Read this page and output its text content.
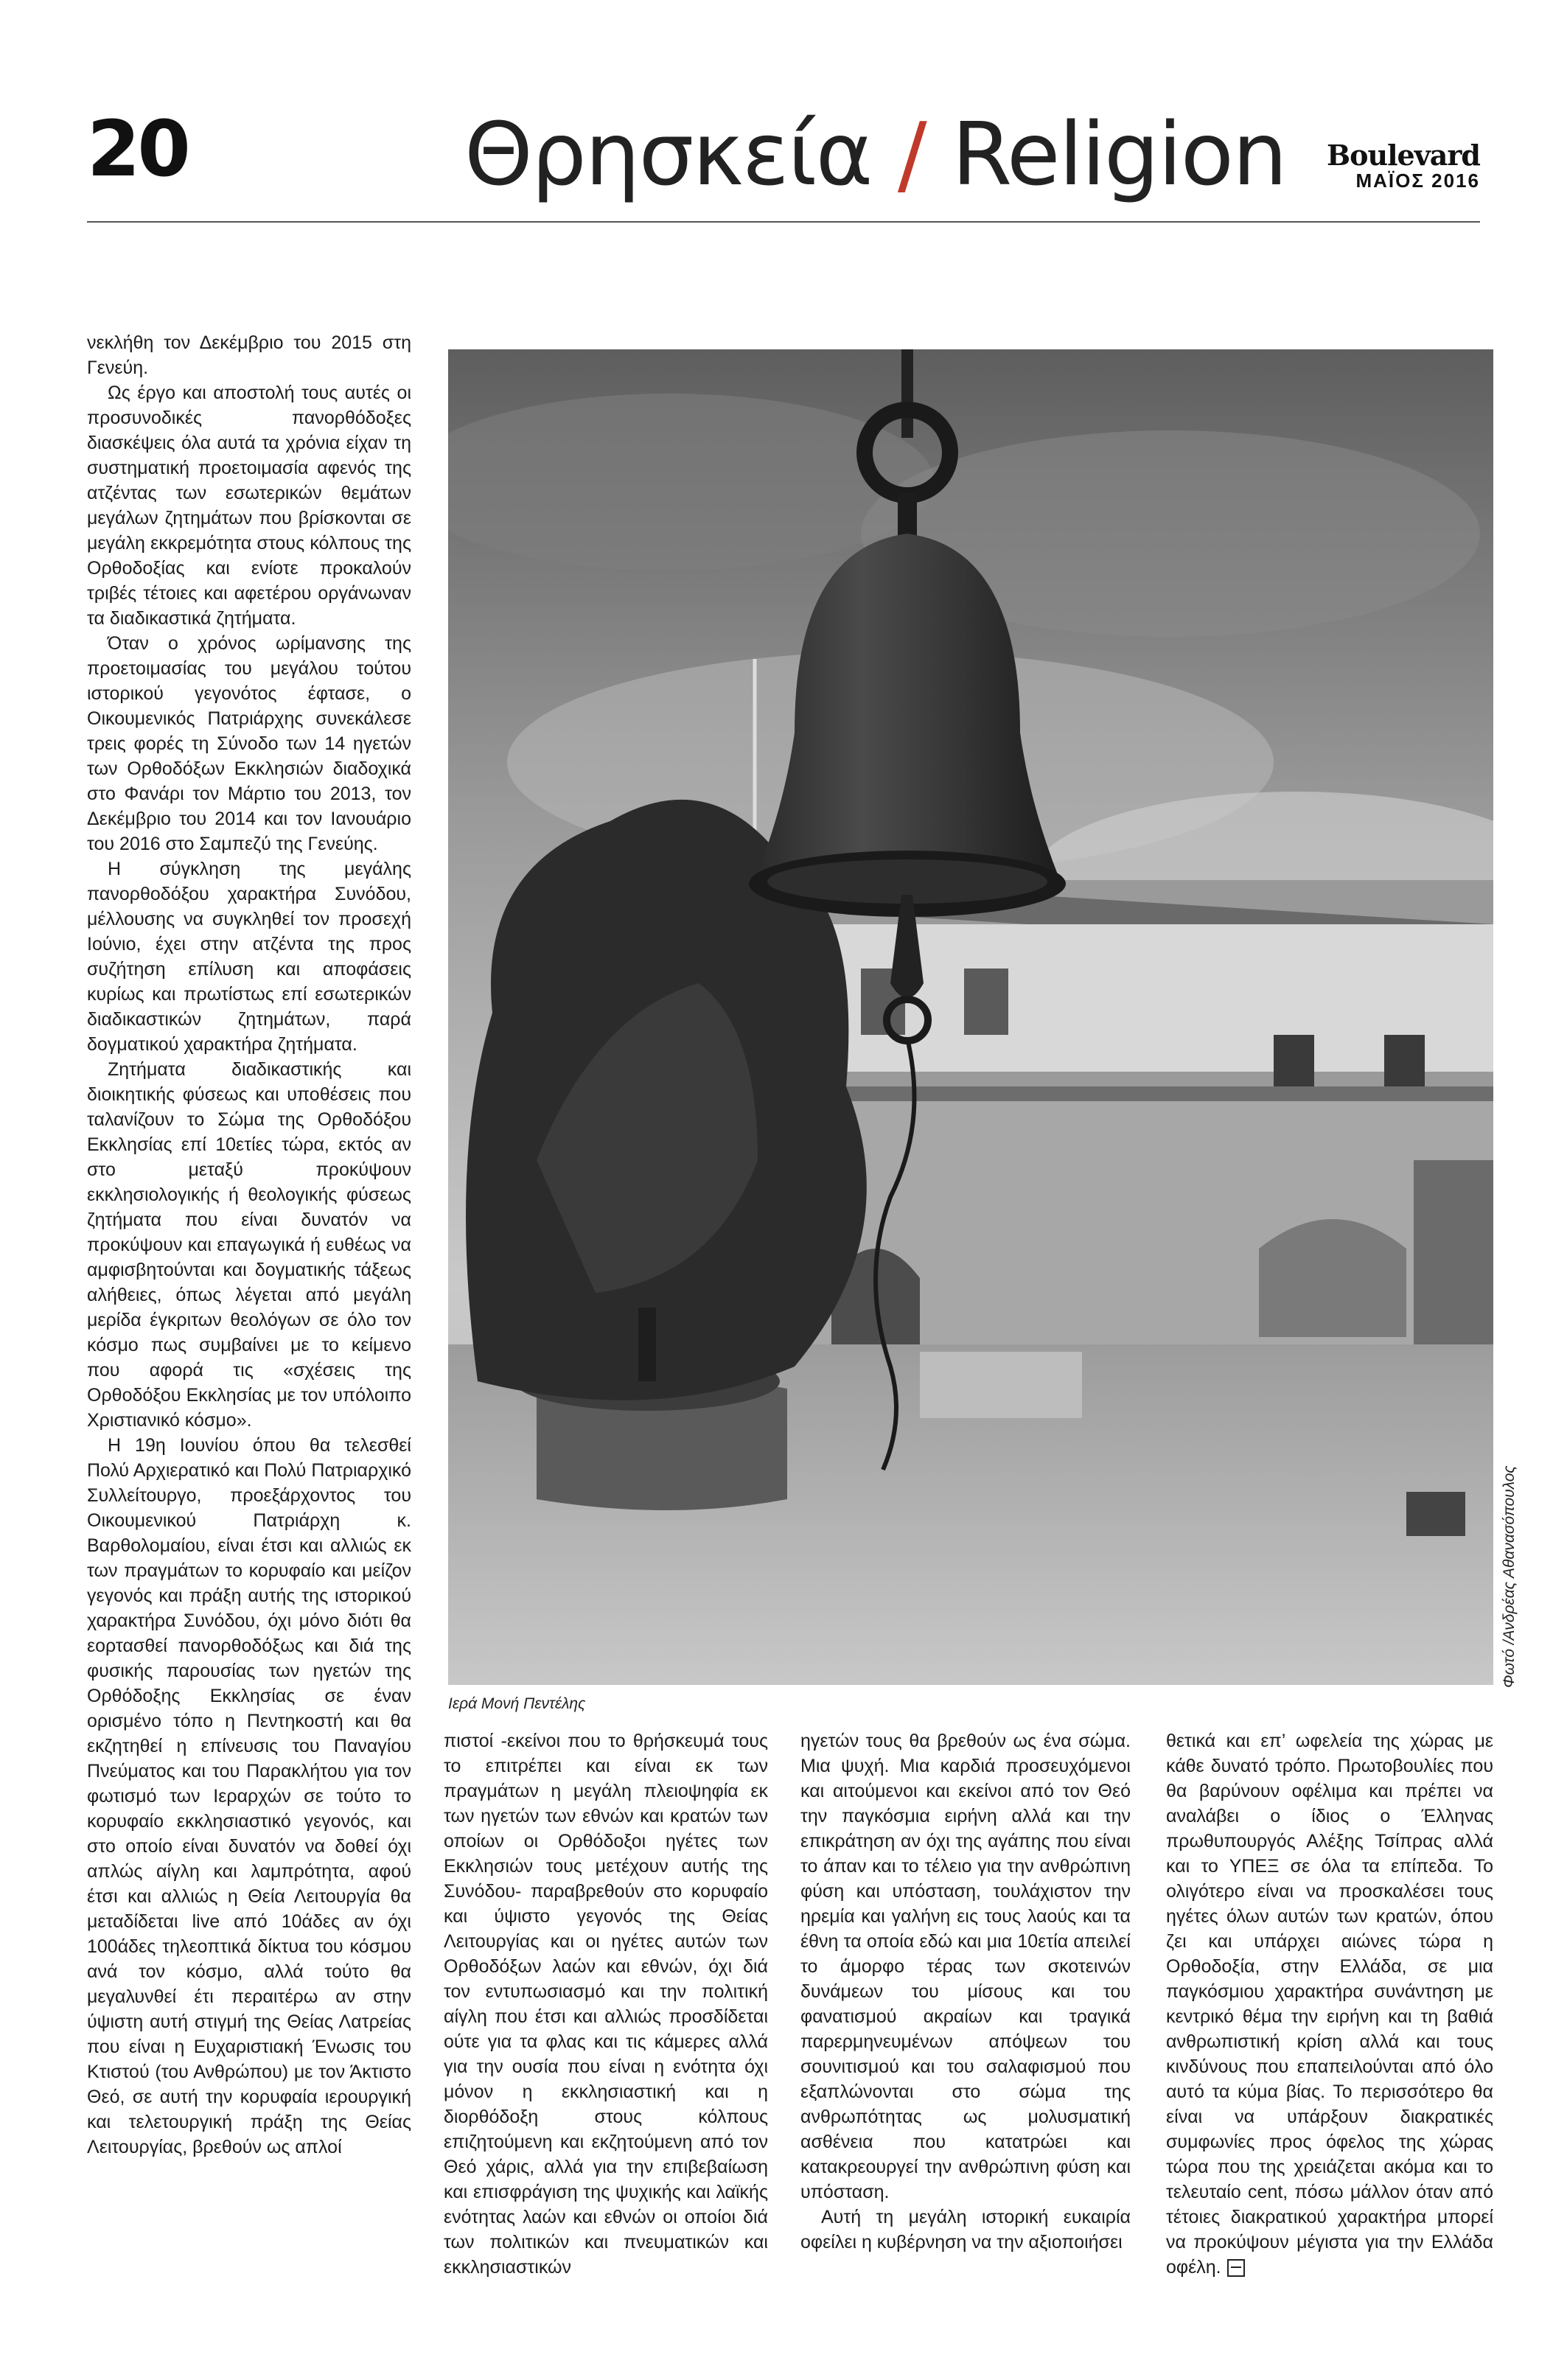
20	Θρησκεία / Religion Boulevard
ΜΑΪΟΣ 2016

νεκλήθη τον Δεκέμβριο του 2015 στη Γενεύη.

Ως έργο και αποστολή τους αυτές οι προσυνοδικές πανορθόδοξες διασκέψεις όλα αυτά τα χρόνια είχαν τη συστηματική προετοιμασία αφενός της ατζέντας των εσωτερικών θεμάτων μεγάλων ζητημάτων που βρίσκονται σε μεγάλη εκκρεμότητα στους κόλπους της Ορθοδοξίας και ενίοτε προκαλούν τριβές τέτοιες και αφετέρου οργάνωναν τα διαδικαστικά ζητήματα.

Όταν ο χρόνος ωρίμανσης της προετοιμασίας του μεγάλου τούτου ιστορικού γεγονότος έφτασε, ο Οικουμενικός Πατριάρχης συνεκάλεσε τρεις φορές τη Σύνοδο των 14 ηγετών των Ορθοδόξων Εκκλησιών διαδοχικά στο Φανάρι τον Μάρτιο του 2013, τον Δεκέμβριο του 2014 και τον Ιανουάριο του 2016 στο Σαμπεζύ της Γενεύης.

Η σύγκληση της μεγάλης πανορθοδόξου χαρακτήρα Συνόδου, μέλλουσης να συγκληθεί τον προσεχή Ιούνιο, έχει στην ατζέντα της προς συζήτηση επίλυση και αποφάσεις κυρίως και πρωτίστως επί εσωτερικών διαδικαστικών ζητημάτων, παρά δογματικού χαρακτήρα ζητήματα.

Ζητήματα διαδικαστικής και διοικητικής φύσεως και υποθέσεις που ταλανίζουν το Σώμα της Ορθοδόξου Εκκλησίας επί 10ετίες τώρα, εκτός αν στο μεταξύ προκύψουν εκκλησιολογικής ή θεολογικής φύσεως ζητήματα που είναι δυνατόν να προκύψουν και επαγωγικά ή ευθέως να αμφισβητούνται και δογματικής τάξεως αλήθειες, όπως λέγεται από μεγάλη μερίδα έγκριτων θεολόγων σε όλο τον κόσμο πως συμβαίνει με το κείμενο που αφορά τις «σχέσεις της Ορθοδόξου Εκκλησίας με τον υπόλοιπο Χριστιανικό κόσμο».

Η 19η Ιουνίου όπου θα τελεσθεί Πολύ Αρχιερατικό και Πολύ Πατριαρχικό Συλλείτουργο, προεξάρχοντος του Οικουμενικού Πατριάρχη κ. Βαρθολομαίου, είναι έτσι και αλλιώς εκ των πραγμάτων το κορυφαίο και μείζον γεγονός και πράξη αυτής της ιστορικού χαρακτήρα Συνόδου, όχι μόνο διότι θα εορτασθεί πανορθοδόξως και διά της φυσικής παρουσίας των ηγετών της Ορθόδοξης Εκκλησίας σε έναν ορισμένο τόπο η Πεντηκοστή και θα εκζητηθεί η επίνευσις του Παναγίου Πνεύματος και του Παρακλήτου για τον φωτισμό των Ιεραρχών σε τούτο το κορυφαίο εκκλησιαστικό γεγονός, και στο οποίο είναι δυνατόν να δοθεί όχι απλώς αίγλη και λαμπρότητα, αφού έτσι και αλλιώς η Θεία Λειτουργία θα μεταδίδεται live από 10άδες αν όχι 100άδες τηλεοπτικά δίκτυα του κόσμου ανά τον κόσμο, αλλά τούτο θα μεγαλυνθεί έτι περαιτέρω αν στην ύψιστη αυτή στιγμή της Θείας Λατρείας που είναι η Ευχαριστιακή Ένωσις του Κτιστού (του Ανθρώπου) με τον Άκτιστο Θεό, σε αυτή την κορυφαία ιερουργική και τελετουργική πράξη της Θείας Λειτουργίας, βρεθούν ως απλοί

Ιερά Μονή Πεντέλης
Φωτό /Ανδρέας Αθανασόπουλος

πιστοί -εκείνοι που το θρήσκευμά τους το επιτρέπει και είναι εκ των πραγμάτων η μεγάλη πλειοψηφία εκ των ηγετών των εθνών και κρατών των οποίων οι Ορθόδοξοι ηγέτες των Εκκλησιών τους μετέχουν αυτής της Συνόδου- παραβρεθούν στο κορυφαίο και ύψιστο γεγονός της Θείας Λειτουργίας και οι ηγέτες αυτών των Ορθοδόξων λαών και εθνών, όχι διά τον εντυπωσιασμό και την πολιτική αίγλη που έτσι και αλλιώς προσδίδεται ούτε για τα φλας και τις κάμερες αλλά για την ουσία που είναι η ενότητα όχι μόνον η εκκλησιαστική και η διορθόδοξη στους κόλπους επιζητούμενη και εκζητούμενη από τον Θεό χάρις, αλλά για την επιβεβαίωση και επισφράγιση της ψυχικής και λαϊκής ενότητας λαών και εθνών οι οποίοι διά των πολιτικών και πνευματικών και εκκλησιαστικών

ηγετών τους θα βρεθούν ως ένα σώμα. Μια ψυχή. Μια καρδιά προσευχόμενοι και αιτούμενοι και εκείνοι από τον Θεό την παγκόσμια ειρήνη αλλά και την επικράτηση αν όχι της αγάπης που είναι το άπαν και το τέλειο για την ανθρώπινη φύση και υπόσταση, τουλάχιστον την ηρεμία και γαλήνη εις τους λαούς και τα έθνη τα οποία εδώ και μια 10ετία απειλεί το άμορφο τέρας των σκοτεινών δυνάμεων του μίσους και του φανατισμού ακραίων και τραγικά παρερμηνευμένων απόψεων του σουνιτισμού και του σαλαφισμού που εξαπλώνονται στο σώμα της ανθρωπότητας ως μολυσματική ασθένεια που κατατρώει και κατακρεουργεί την ανθρώπινη φύση και υπόσταση.

Αυτή τη μεγάλη ιστορική ευκαιρία οφείλει η κυβέρνηση να την αξιοποιήσει

θετικά και επ’ ωφελεία της χώρας με κάθε δυνατό τρόπο. Πρωτοβουλίες που θα βαρύνουν οφέλιμα και πρέπει να αναλάβει ο ίδιος ο Έλληνας πρωθυπουργός Αλέξης Τσίπρας αλλά και το ΥΠΕΞ σε όλα τα επίπεδα. Το ολιγότερο είναι να προσκαλέσει τους ηγέτες όλων αυτών των κρατών, όπου ζει και υπάρχει αιώνες τώρα η Ορθοδοξία, στην Ελλάδα, σε μια παγκόσμιου χαρακτήρα συνάντηση με κεντρικό θέμα την ειρήνη και τη βαθιά ανθρωπιστική κρίση αλλά και τους κινδύνους που επαπειλούνται από όλο αυτό τα κύμα βίας. Το περισσότερο θα είναι να υπάρξουν διακρατικές συμφωνίες προς όφελος της χώρας τώρα που της χρειάζεται ακόμα και το τελευταίο cent, πόσω μάλλον όταν από τέτοιες διακρατικού χαρακτήρα μπορεί να προκύψουν μέγιστα για την Ελλάδα οφέλη.
